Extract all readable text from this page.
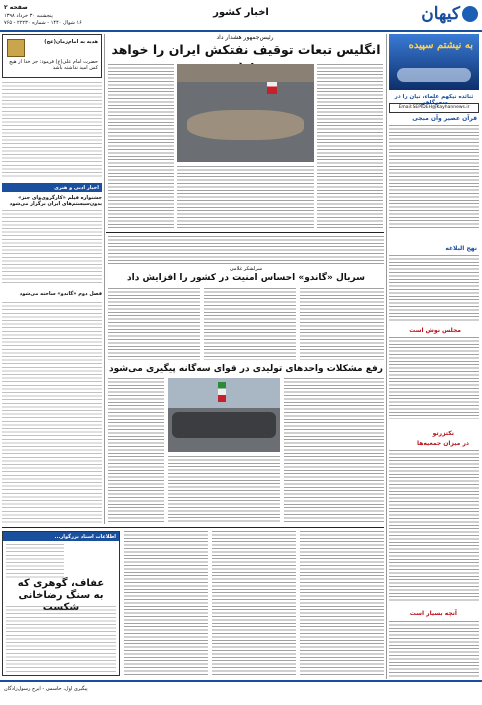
صفحه ۲
پنجشنبه ۳۰ خرداد ۱۳۹۸
۱۶ شوال ۱۴۴۰ - شماره ۲۲۲۳۰ - ۷۶۵
اخبار کشور	کیهان
به نیشتم سپیده
ثنائده نیکهم علماء، نیان را در سحرگاهی
Email:SEPIDEH@Kayhannews.ir
قرآن عصیر وآن مبجی
نهج البلاغه
مجلس نوش است
نکتزرتو
در میزان جمعیه‌ها
آنچه بسیار است
رئیس‌جمهور هشدار داد
انگلیس تبعات توقیف نفتکش ایران را خواهد
هدیه به امام‌زمان(عج)
حضرت امام علی(ع) فرمود: جز خدا از هیچ کس امید نداشته باشد
اخبار ادبی و هنری
جشنواره فیلم «کارگروی‌وای‌ جنز» بدون‌سیستم‌های ایران برگزار‌ می‌شود
فصل دوم «گاندو» ساخته می‌شود
سرلشکر غلامی
سریال «گاندو» احساس امنیت در کشور را افزایش داد
رفع مشکلات واحدهای تولیدی در قوای سه‌گانه پیگیری می‌شود
اطلاعات استاد بزرگوار...
عفاف، گوهری که
به سنگ رضاخانی شکست
پیگیری اول، حاسمی - ایرج رسول‌زادگان
